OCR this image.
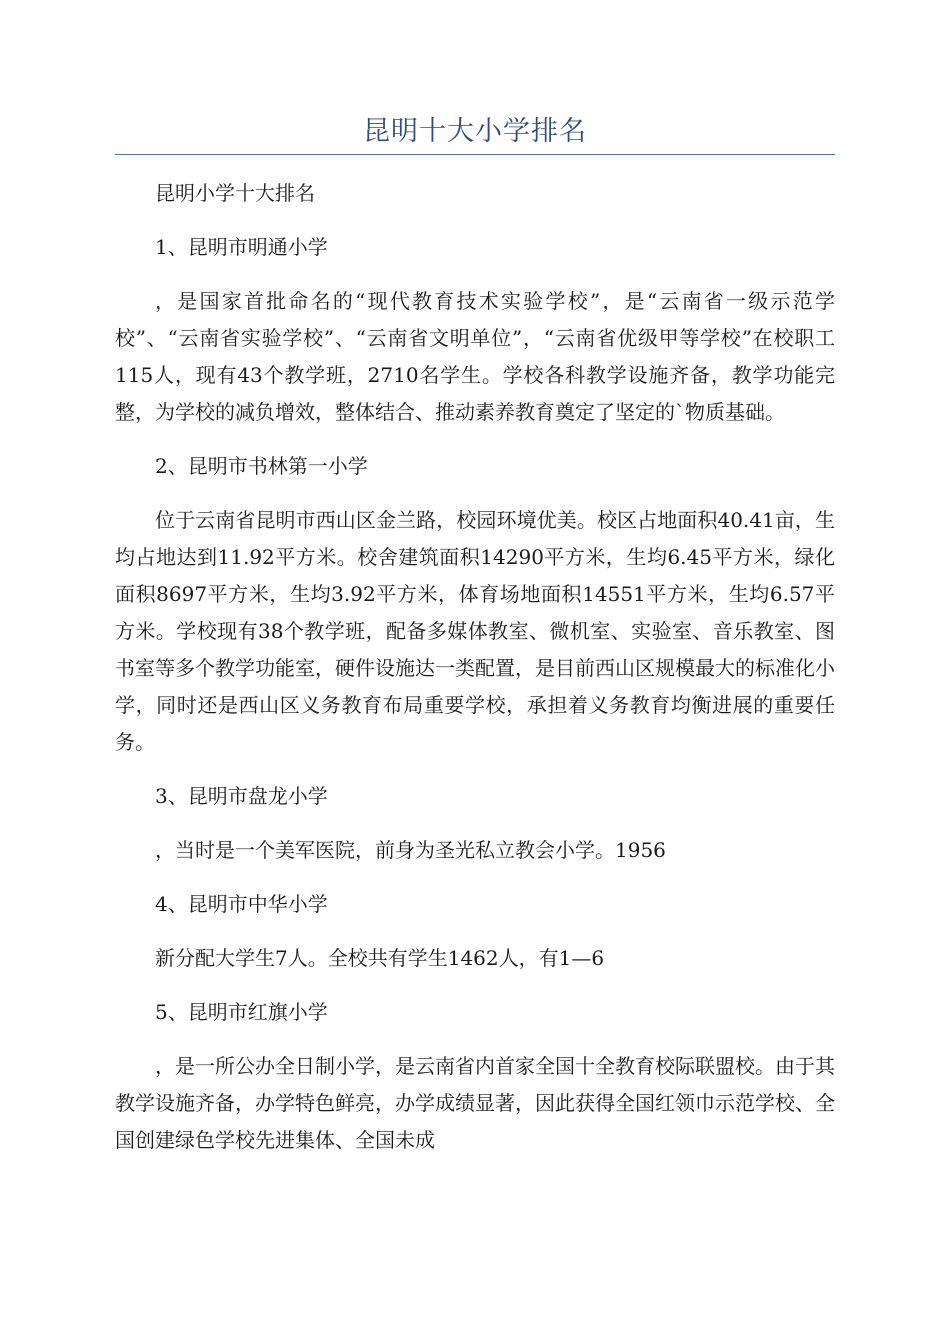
昆明十大小学排名

昆明小学十大排名

1、昆明市明通小学

，是国家首批命名的“现代教育技术实验学校”，是“云南省一级示范学校”、“云南省实验学校”、“云南省文明单位”，“云南省优级甲等学校”在校职工115人，现有43个教学班，2710名学生。学校各科教学设施齐备，教学功能完整，为学校的减负增效，整体结合、推动素养教育奠定了坚定的`物质基础。

2、昆明市书林第一小学

位于云南省昆明市西山区金兰路，校园环境优美。校区占地面积40.41亩，生均占地达到11.92平方米。校舍建筑面积14290平方米，生均6.45平方米，绿化面积8697平方米，生均3.92平方米，体育场地面积14551平方米，生均6.57平方米。学校现有38个教学班，配备多媒体教室、微机室、实验室、音乐教室、图书室等多个教学功能室，硬件设施达一类配置，是目前西山区规模最大的标准化小学，同时还是西山区义务教育布局重要学校，承担着义务教育均衡进展的重要任务。

3、昆明市盘龙小学

，当时是一个美军医院，前身为圣光私立教会小学。1956

4、昆明市中华小学

新分配大学生7人。全校共有学生1462人，有1—6

5、昆明市红旗小学

，是一所公办全日制小学，是云南省内首家全国十全教育校际联盟校。由于其教学设施齐备，办学特色鲜亮，办学成绩显著，因此获得全国红领巾示范学校、全国创建绿色学校先进集体、全国未成
